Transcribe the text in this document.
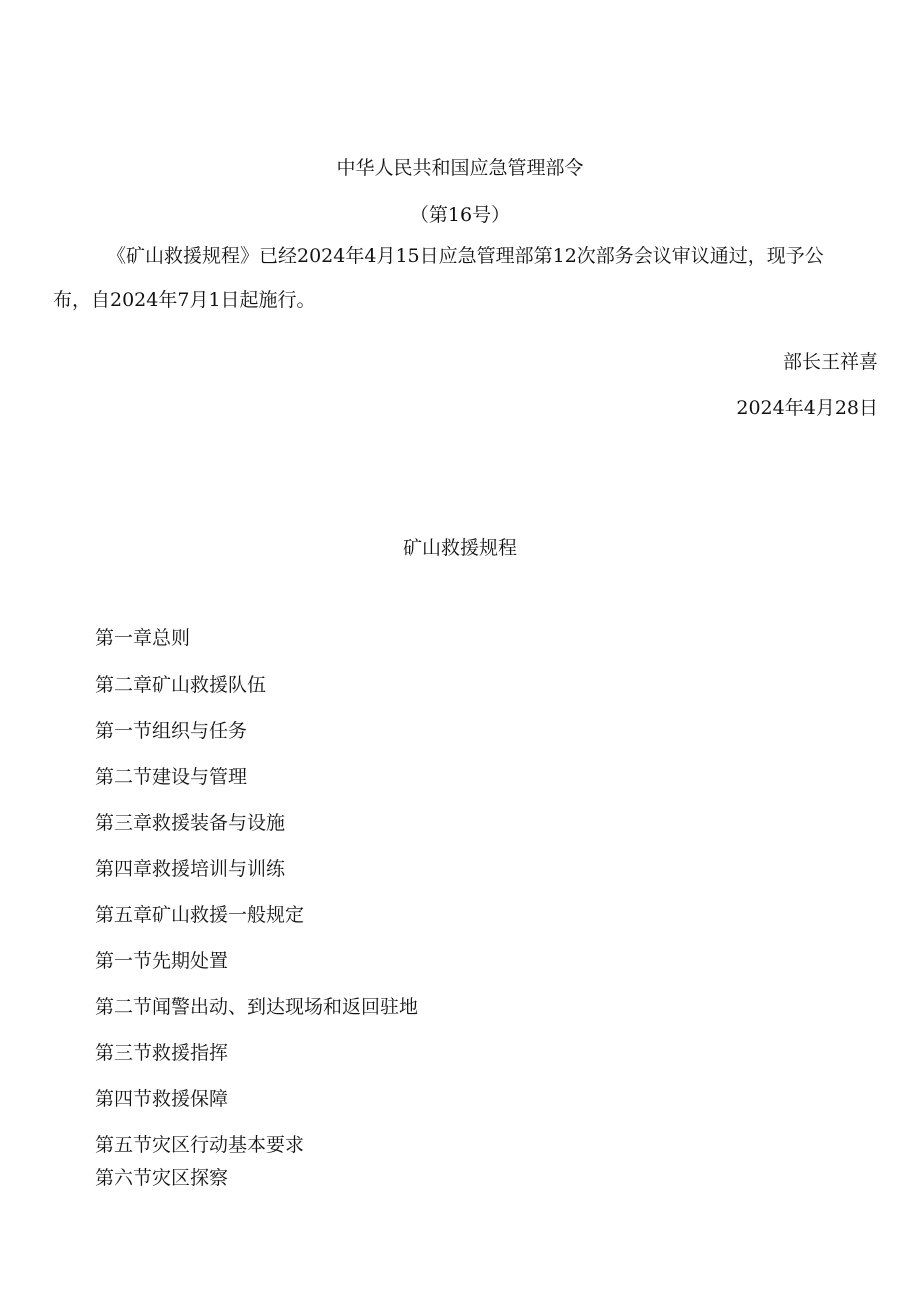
中华人民共和国应急管理部令
（第16号）
《矿山救援规程》已经2024年4月15日应急管理部第12次部务会议审议通过，现予公
布，自2024年7月1日起施行。
部长王祥喜
2024年4月28日
矿山救援规程
第一章总则
第二章矿山救援队伍
第一节组织与任务
第二节建设与管理
第三章救援装备与设施
第四章救援培训与训练
第五章矿山救援一般规定
第一节先期处置
第二节闻警出动、到达现场和返回驻地
第三节救援指挥
第四节救援保障
第五节灾区行动基本要求
第六节灾区探察
